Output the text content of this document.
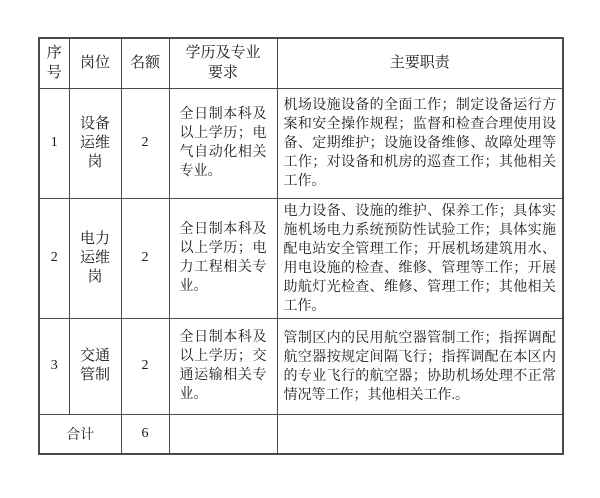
序号	岗位	名额	学历及专业要求	主要职责
1	设备运维岗	2	全日制本科及以上学历；电气自动化相关专业。	机场设施设备的全面工作；制定设备运行方案和安全操作规程；监督和检查合理使用设备、定期维护；设施设备维修、故障处理等工作；对设备和机房的巡查工作；其他相关工作。

2	电力运维岗	2	全日制本科及以上学历；电力工程相关专业。	电力设备、设施的维护、保养工作；具体实施机场电力系统预防性试验工作；具体实施配电站安全管理工作；开展机场建筑用水、用电设施的检查、维修、管理等工作；开展助航灯光检查、维修、管理工作；其他相关工作。

3	交通管制	2	全日制本科及以上学历；交通运输相关专业。	管制区内的民用航空器管制工作；指挥调配航空器按规定间隔飞行；指挥调配在本区内的专业飞行的航空器；协助机场处理不正常情况等工作；其他相关工作.。

合计		6		
